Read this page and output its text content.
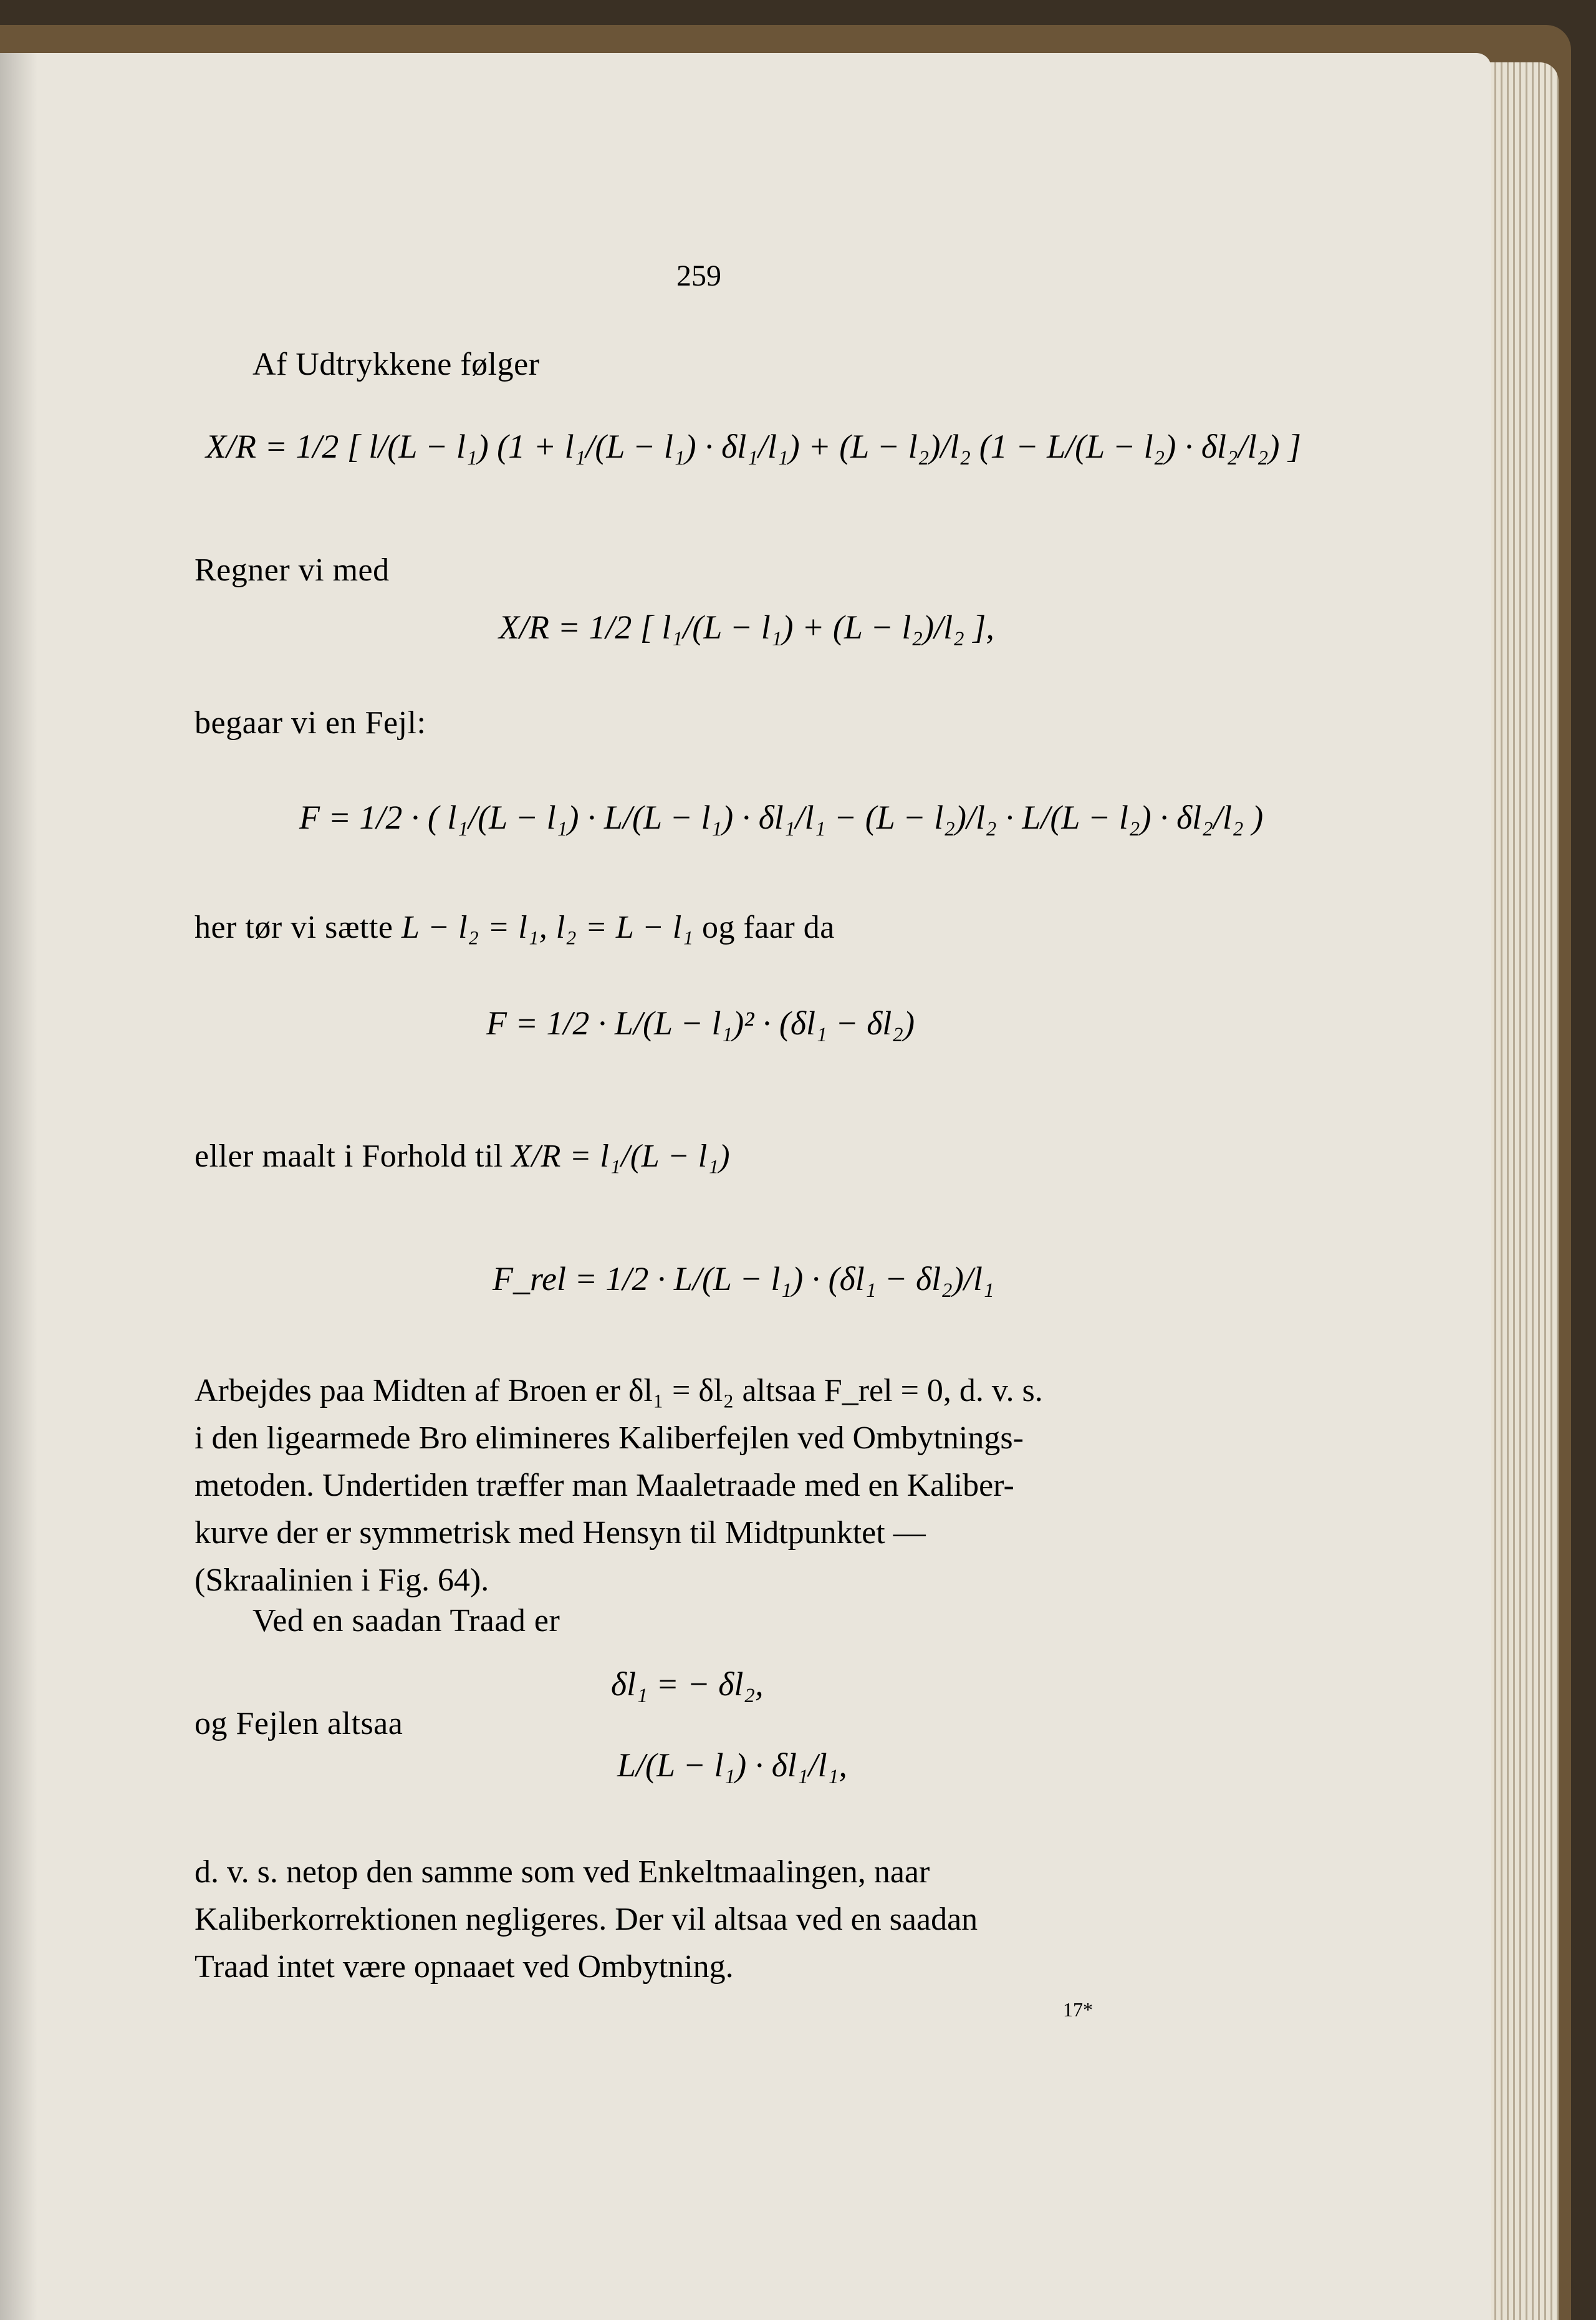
259
Af Udtrykkene følger
X/R = 1/2 [ l/(L − l₁) (1 + l₁/(L − l₁) · δl₁/l₁) + (L − l₂)/l₂ (1 − L/(L − l₂) · δl₂/l₂) ]
Regner vi med
X/R = 1/2 [ l₁/(L − l₁) + (L − l₂)/l₂ ],
begaar vi en Fejl:
F = 1/2 · ( l₁/(L − l₁) · L/(L − l₁) · δl₁/l₁ − (L − l₂)/l₂ · L/(L − l₂) · δl₂/l₂ )
her tør vi sætte L − l₂ = l₁, l₂ = L − l₁ og faar da
F = 1/2 · L/(L − l₁)² · (δl₁ − δl₂)
eller maalt i Forhold til X/R = l₁/(L − l₁)
F_rel = 1/2 · L/(L − l₁) · (δl₁ − δl₂)/l₁
Arbejdes paa Midten af Broen er δl₁ = δl₂ altsaa F_rel = 0, d. v. s.
i den ligearmede Bro elimineres Kaliberfejlen ved Ombytnings-
metoden. Undertiden træffer man Maaletraade med en Kaliber-
kurve der er symmetrisk med Hensyn til Midtpunktet —
(Skraalinien i Fig. 64).
Ved en saadan Traad er
δl₁ = − δl₂,
og Fejlen altsaa
L/(L − l₁) · δl₁/l₁,
d. v. s. netop den samme som ved Enkeltmaalingen, naar
Kaliberkorrektionen negligeres. Der vil altsaa ved en saadan
Traad intet være opnaaet ved Ombytning.
17*
